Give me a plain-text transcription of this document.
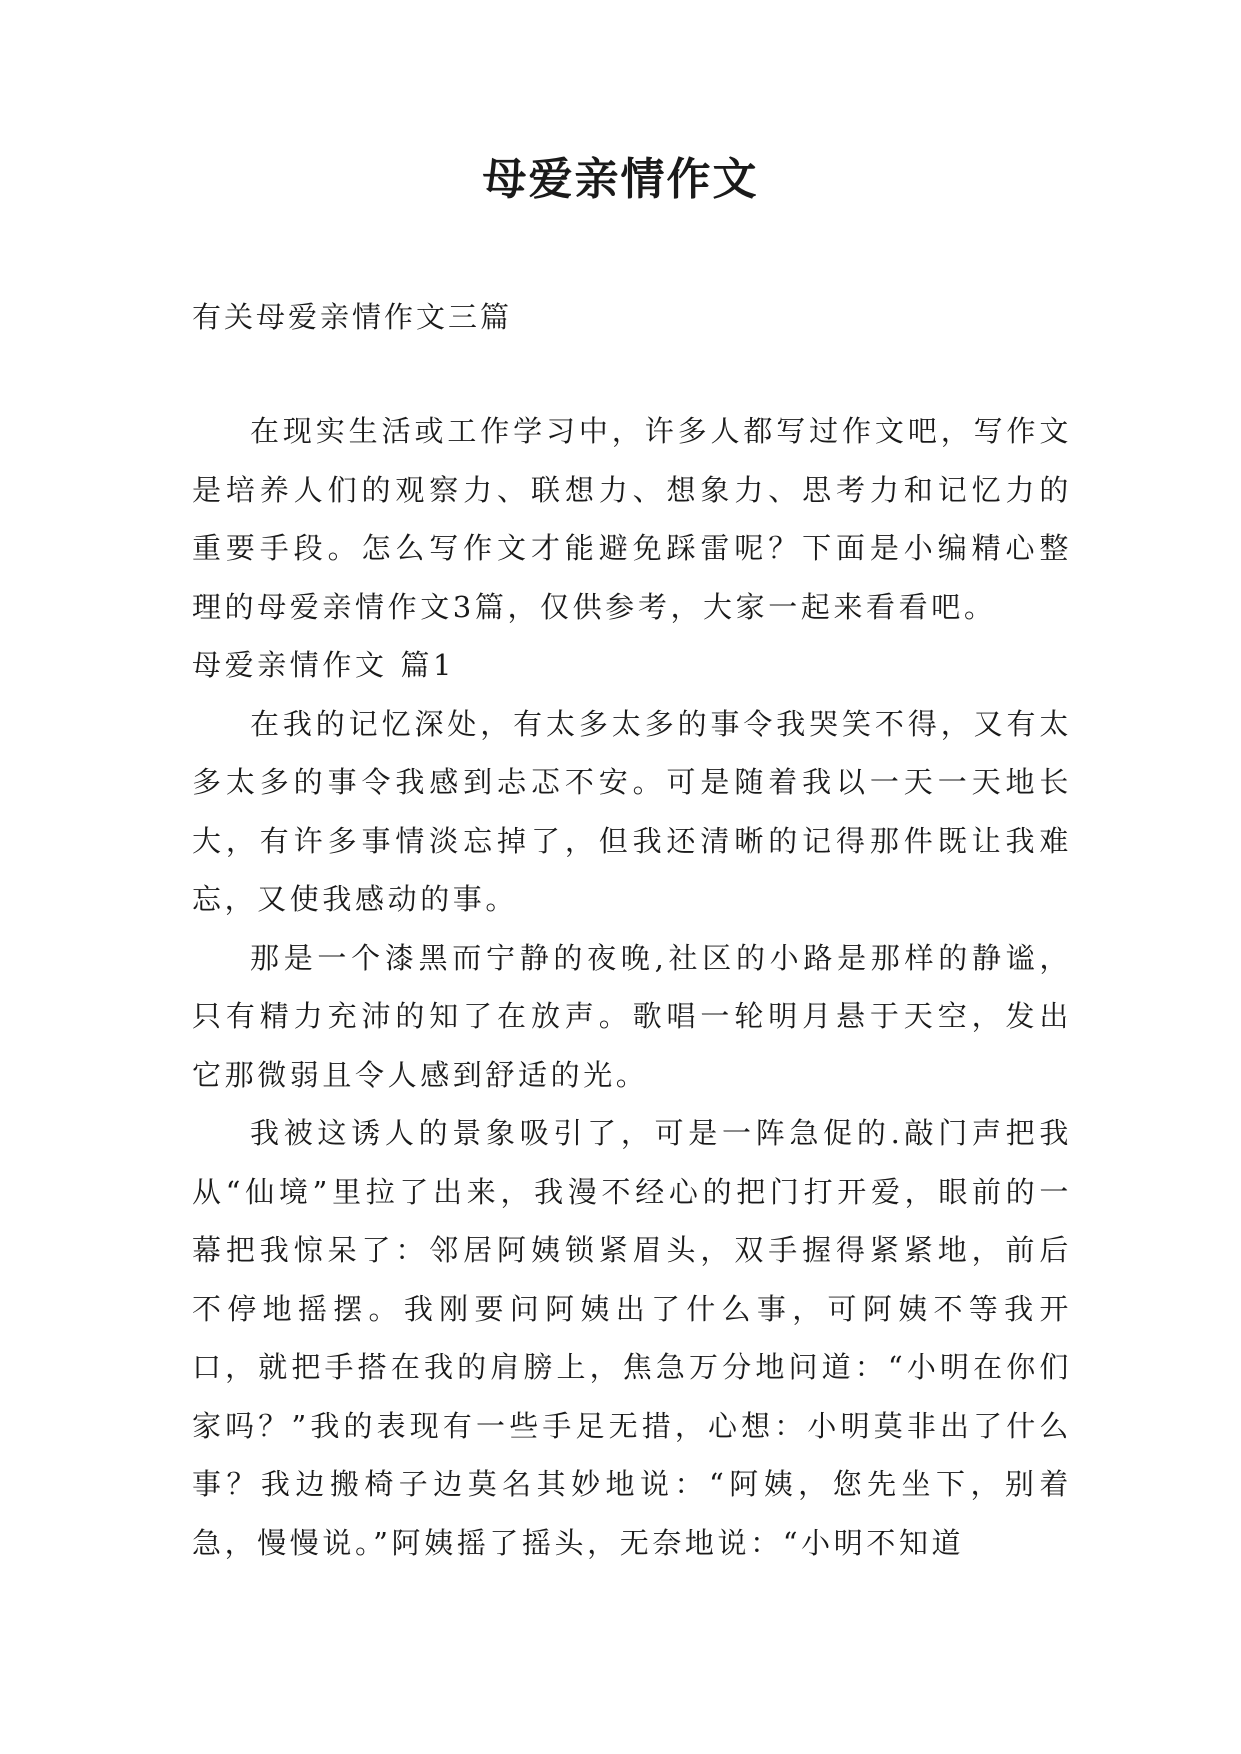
母爱亲情作文
有关母爱亲情作文三篇

在现实生活或工作学习中，许多人都写过作文吧，写作文是培养人们的观察力、联想力、想象力、思考力和记忆力的重要手段。怎么写作文才能避免踩雷呢？下面是小编精心整理的母爱亲情作文3篇，仅供参考，大家一起来看看吧。

母爱亲情作文 篇1

在我的记忆深处，有太多太多的事令我哭笑不得，又有太多太多的事令我感到忐忑不安。可是随着我以一天一天地长大，有许多事情淡忘掉了，但我还清晰的记得那件既让我难忘，又使我感动的事。

那是一个漆黑而宁静的夜晚,社区的小路是那样的静谧，只有精力充沛的知了在放声。歌唱一轮明月悬于天空，发出它那微弱且令人感到舒适的光。

我被这诱人的景象吸引了，可是一阵急促的.敲门声把我从“仙境”里拉了出来，我漫不经心的把门打开爱，眼前的一幕把我惊呆了：邻居阿姨锁紧眉头，双手握得紧紧地，前后不停地摇摆。我刚要问阿姨出了什么事，可阿姨不等我开口，就把手搭在我的肩膀上，焦急万分地问道：“小明在你们家吗？”我的表现有一些手足无措，心想：小明莫非出了什么事？我边搬椅子边莫名其妙地说：“阿姨，您先坐下，别着急，慢慢说。”阿姨摇了摇头，无奈地说：“小明不知道
